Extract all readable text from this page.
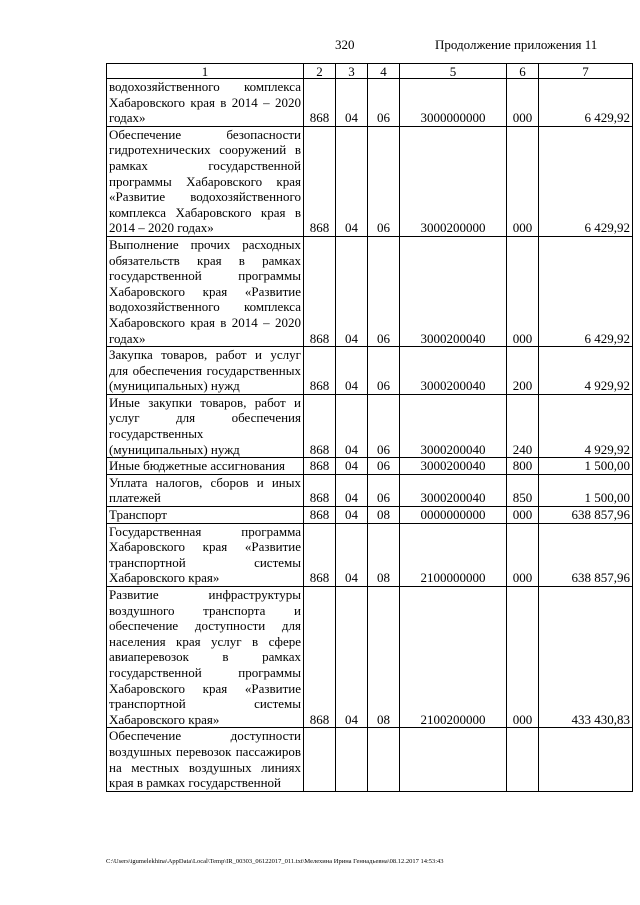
320	Продолжение приложения 11
1	2	3	4	5	6	7
водохозяйственного комплекса Хабаровского края в 2014 – 2020 годах»	868	04	06	3000000000	000	6 429,92
Обеспечение безопасности гидротехнических сооружений в рамках государственной программы Хабаровского края «Развитие водохозяйственного комплекса Хабаровского края в 2014 – 2020 годах»	868	04	06	3000200000	000	6 429,92
Выполнение прочих расходных обязательств края в рамках государственной программы Хабаровского края «Развитие водохозяйственного комплекса Хабаровского края в 2014 – 2020 годах»	868	04	06	3000200040	000	6 429,92
Закупка товаров, работ и услуг для обеспечения государственных (муниципальных) нужд	868	04	06	3000200040	200	4 929,92
Иные закупки товаров, работ и услуг для обеспечения государственных (муниципальных) нужд	868	04	06	3000200040	240	4 929,92
Иные бюджетные ассигнования	868	04	06	3000200040	800	1 500,00
Уплата налогов, сборов и иных платежей	868	04	06	3000200040	850	1 500,00
Транспорт	868	04	08	0000000000	000	638 857,96
Государственная программа Хабаровского края «Развитие транспортной системы Хабаровского края»	868	04	08	2100000000	000	638 857,96
Развитие инфраструктуры воздушного транспорта и обеспечение доступности для населения края услуг в сфере авиаперевозок в рамках государственной программы Хабаровского края «Развитие транспортной системы Хабаровского края»	868	04	08	2100200000	000	433 430,83
Обеспечение доступности воздушных перевозок пассажиров на местных воздушных линиях края в рамках государственной						
C:\Users\igumelekhina\AppData\Local\Temp\IR_00303_06122017_011.txt\Мелехина Ирина Геннадьевна\08.12.2017 14:53:43
